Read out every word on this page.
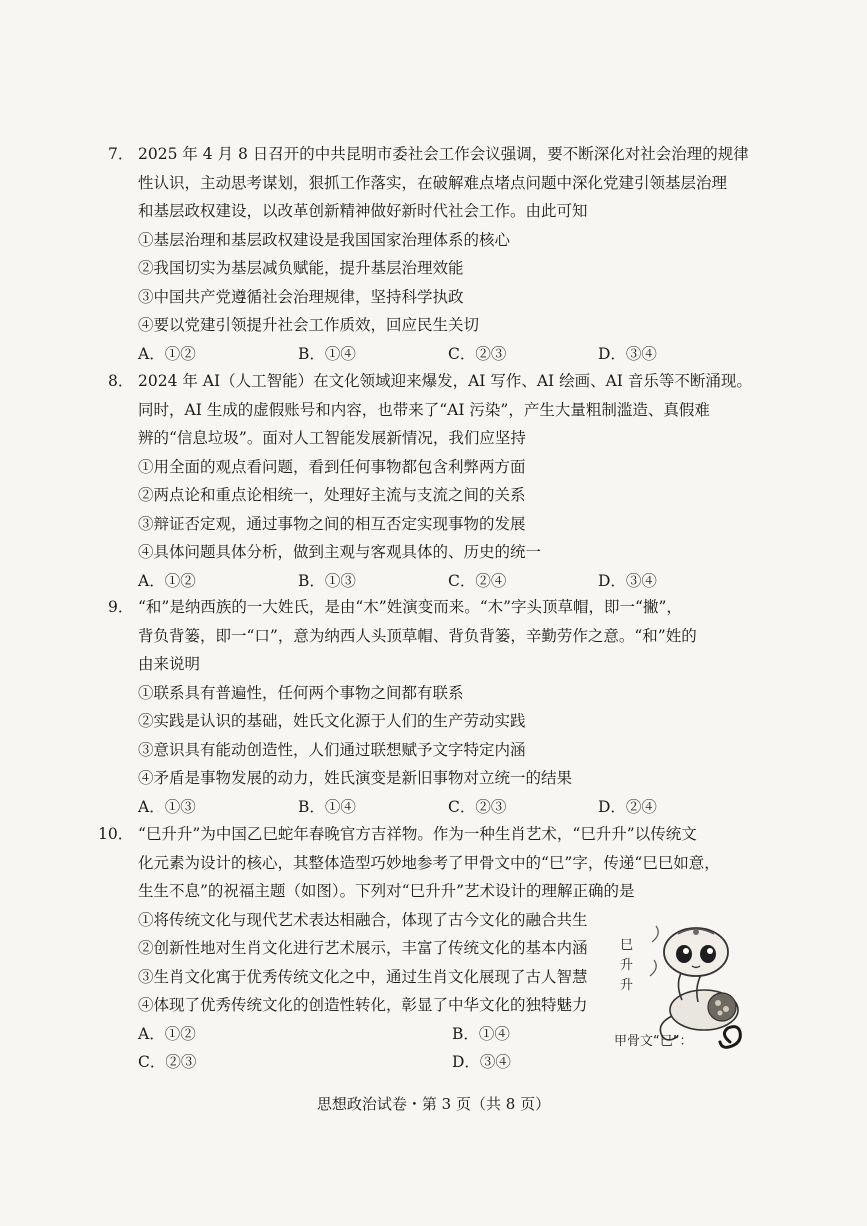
7． 2025 年 4 月 8 日召开的中共昆明市委社会工作会议强调，要不断深化对社会治理的规律
性认识，主动思考谋划，狠抓工作落实，在破解难点堵点问题中深化党建引领基层治理
和基层政权建设，以改革创新精神做好新时代社会工作。由此可知
①基层治理和基层政权建设是我国国家治理体系的核心
②我国切实为基层减负赋能，提升基层治理效能
③中国共产党遵循社会治理规律，坚持科学执政
④要以党建引领提升社会工作质效，回应民生关切
A．①②	B．①④	C．②③	D．③④
8． 2024 年 AI（人工智能）在文化领域迎来爆发，AI 写作、AI 绘画、AI 音乐等不断涌现。
同时，AI 生成的虚假账号和内容，也带来了“AI 污染”，产生大量粗制滥造、真假难
辨的“信息垃圾”。面对人工智能发展新情况，我们应坚持
①用全面的观点看问题，看到任何事物都包含利弊两方面
②两点论和重点论相统一，处理好主流与支流之间的关系
③辩证否定观，通过事物之间的相互否定实现事物的发展
④具体问题具体分析，做到主观与客观具体的、历史的统一
A．①②	B．①③	C．②④	D．③④
9． “和”是纳西族的一大姓氏，是由“木”姓演变而来。“木”字头顶草帽，即一“撇”，
背负背篓，即一“口”，意为纳西人头顶草帽、背负背篓，辛勤劳作之意。“和”姓的
由来说明
①联系具有普遍性，任何两个事物之间都有联系
②实践是认识的基础，姓氏文化源于人们的生产劳动实践
③意识具有能动创造性，人们通过联想赋予文字特定内涵
④矛盾是事物发展的动力，姓氏演变是新旧事物对立统一的结果
A．①③	B．①④	C．②③	D．②④
10． “巳升升”为中国乙巳蛇年春晚官方吉祥物。作为一种生肖艺术，“巳升升”以传统文
化元素为设计的核心，其整体造型巧妙地参考了甲骨文中的“巳”字，传递“巳巳如意，
生生不息”的祝福主题（如图）。下列对“巳升升”艺术设计的理解正确的是
①将传统文化与现代艺术表达相融合，体现了古今文化的融合共生
②创新性地对生肖文化进行艺术展示，丰富了传统文化的基本内涵
③生肖文化寓于优秀传统文化之中，通过生肖文化展现了古人智慧
④体现了优秀传统文化的创造性转化，彰显了中华文化的独特魅力
A．①②	B．①④
C．②③	D．③④
巳升升
甲骨文“巳”：
思想政治试卷・第 3 页（共 8 页）
